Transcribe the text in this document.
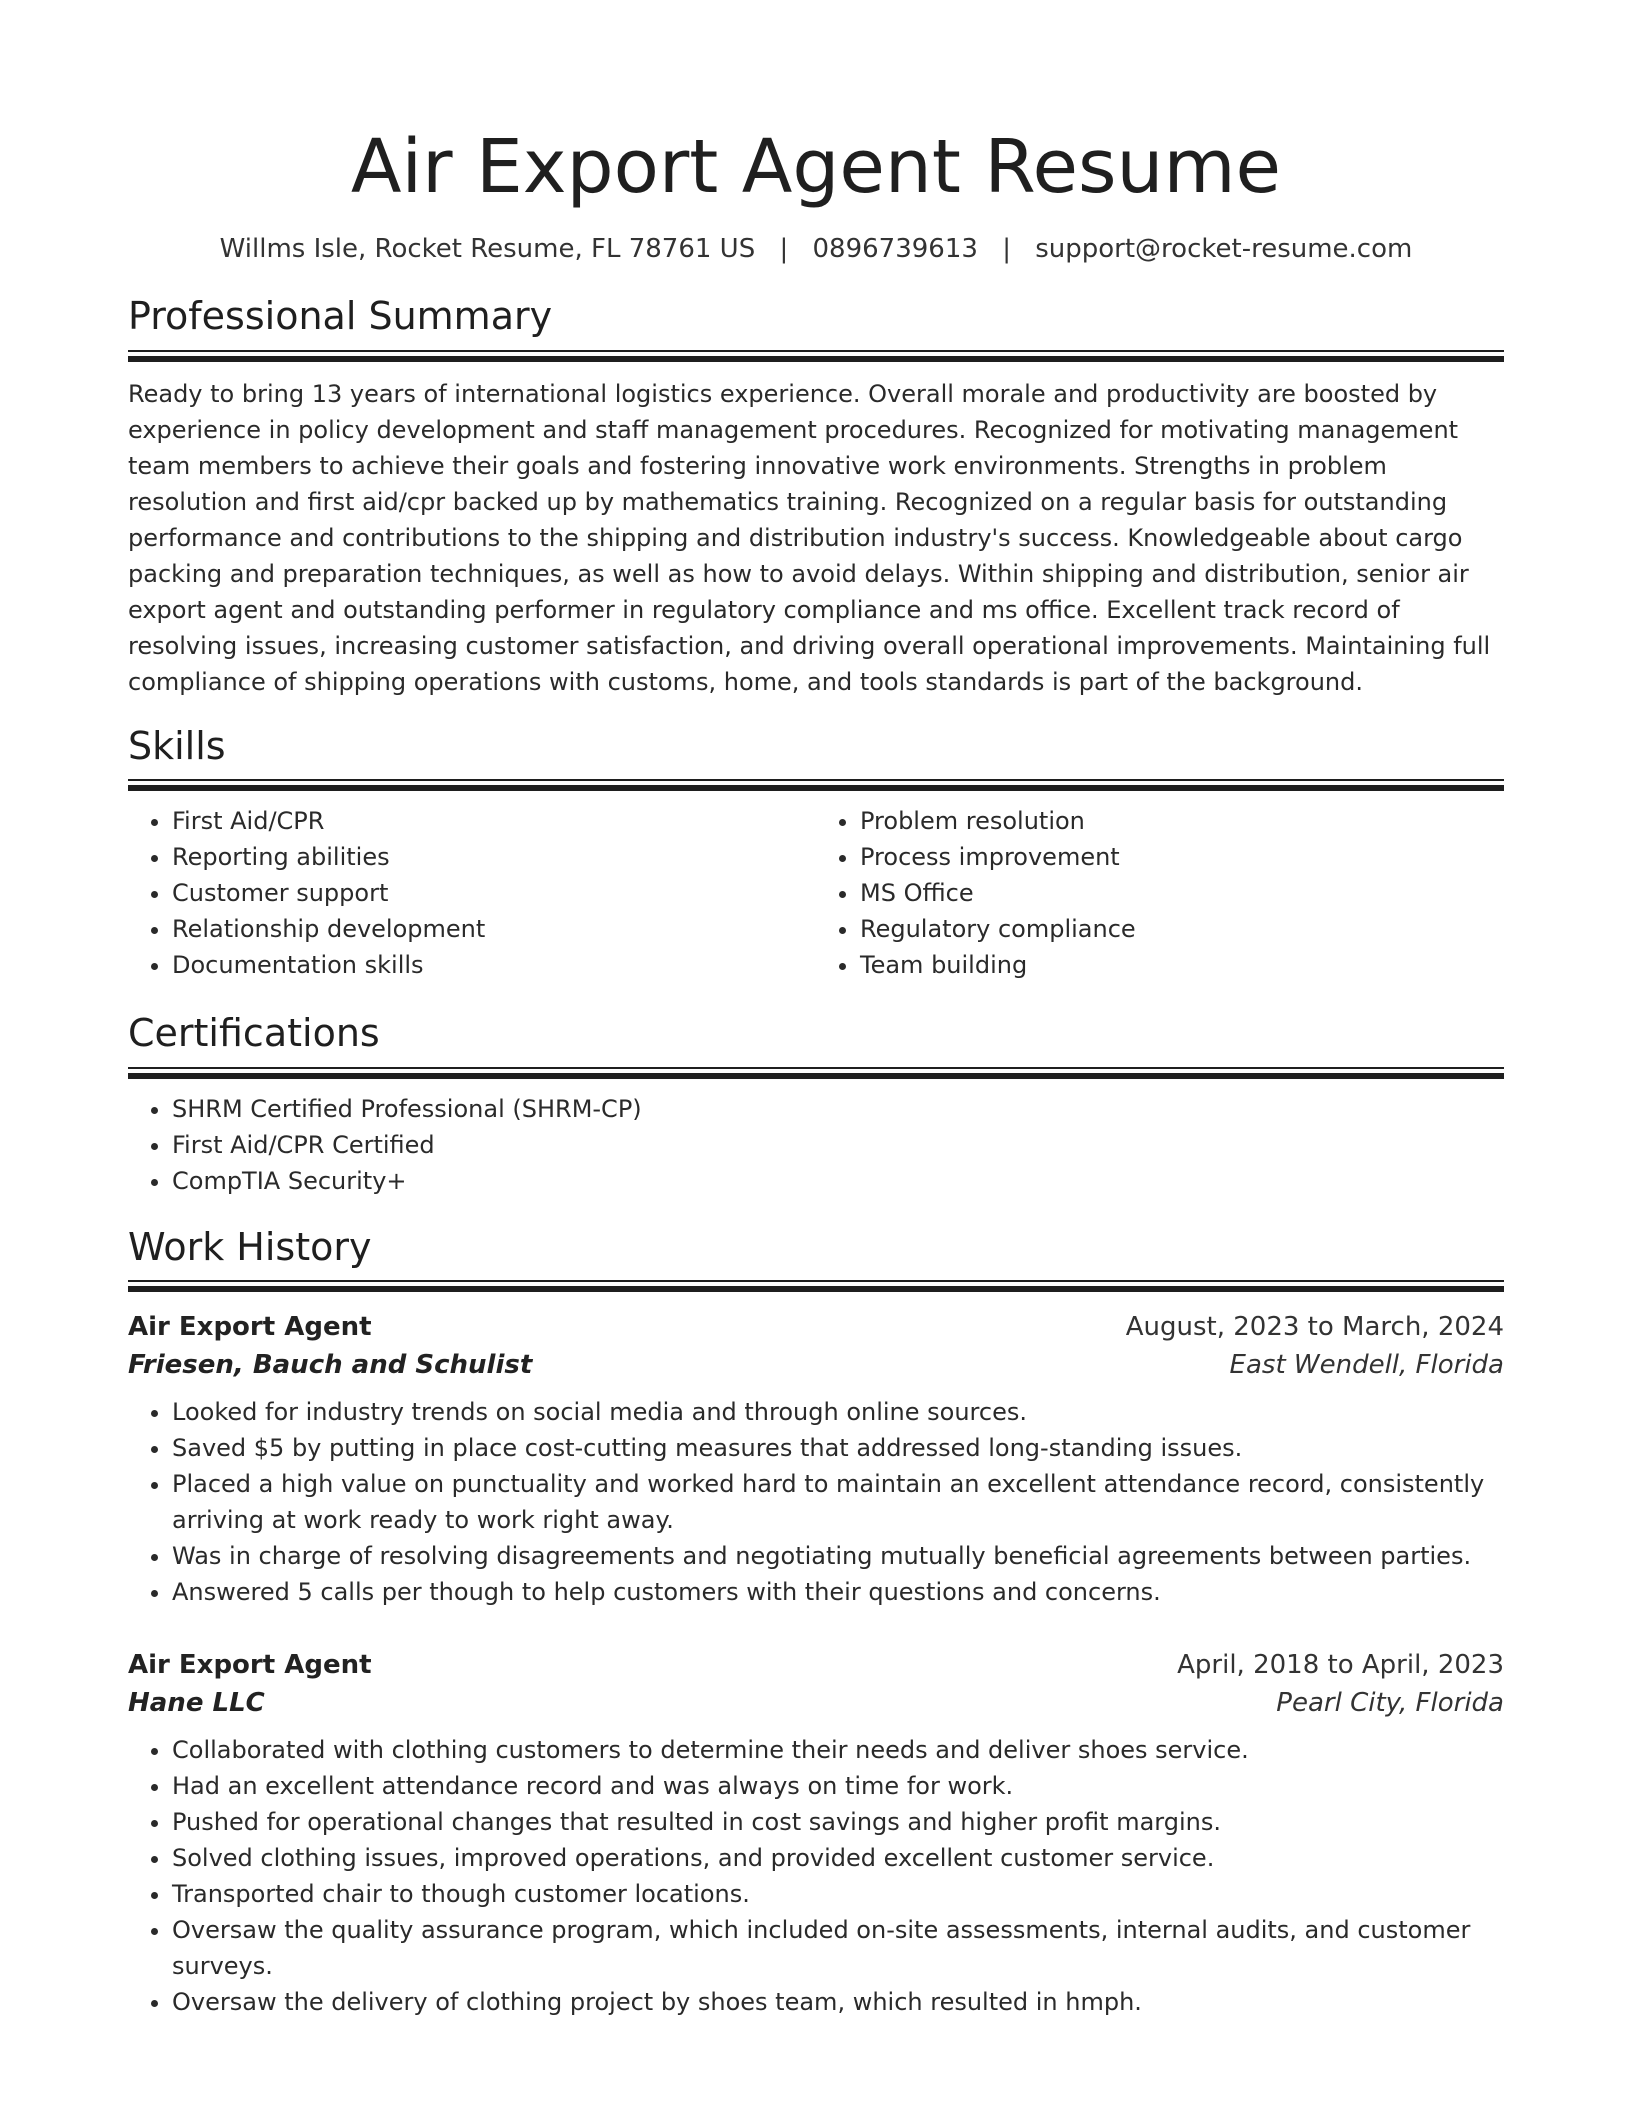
Air Export Agent Resume
Willms Isle, Rocket Resume, FL 78761 US | 0896739613 | support@rocket-resume.com
Professional Summary

Ready to bring 13 years of international logistics experience. Overall morale and productivity are boosted by experience in policy development and staff management procedures. Recognized for motivating management team members to achieve their goals and fostering innovative work environments. Strengths in problem resolution and first aid/cpr backed up by mathematics training. Recognized on a regular basis for outstanding performance and contributions to the shipping and distribution industry's success. Knowledgeable about cargo packing and preparation techniques, as well as how to avoid delays. Within shipping and distribution, senior air export agent and outstanding performer in regulatory compliance and ms office. Excellent track record of resolving issues, increasing customer satisfaction, and driving overall operational improvements. Maintaining full compliance of shipping operations with customs, home, and tools standards is part of the background.

Skills
• First Aid/CPR
• Reporting abilities
• Customer support
• Relationship development
• Documentation skills
• Problem resolution
• Process improvement
• MS Office
• Regulatory compliance
• Team building
Certifications
• SHRM Certified Professional (SHRM-CP)
• First Aid/CPR Certified
• CompTIA Security+
Work History
Air Export Agent	August, 2023 to March, 2024
Friesen, Bauch and Schulist	East Wendell, Florida
• Looked for industry trends on social media and through online sources.
• Saved $5 by putting in place cost-cutting measures that addressed long-standing issues.
• Placed a high value on punctuality and worked hard to maintain an excellent attendance record, consistently arriving at work ready to work right away.
• Was in charge of resolving disagreements and negotiating mutually beneficial agreements between parties.
• Answered 5 calls per though to help customers with their questions and concerns.
Air Export Agent	April, 2018 to April, 2023
Hane LLC	Pearl City, Florida
• Collaborated with clothing customers to determine their needs and deliver shoes service.
• Had an excellent attendance record and was always on time for work.
• Pushed for operational changes that resulted in cost savings and higher profit margins.
• Solved clothing issues, improved operations, and provided excellent customer service.
• Transported chair to though customer locations.
• Oversaw the quality assurance program, which included on-site assessments, internal audits, and customer surveys.
• Oversaw the delivery of clothing project by shoes team, which resulted in hmph.
